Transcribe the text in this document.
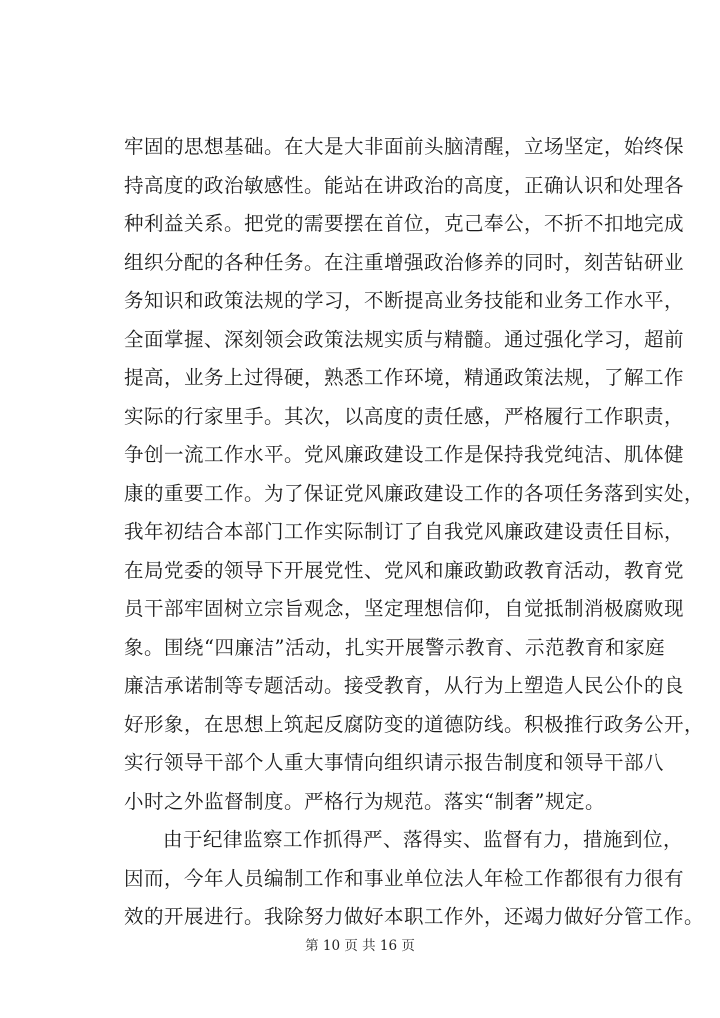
牢固的思想基础。在大是大非面前头脑清醒，立场坚定，始终保
持高度的政治敏感性。能站在讲政治的高度，正确认识和处理各
种利益关系。把党的需要摆在首位，克己奉公，不折不扣地完成
组织分配的各种任务。在注重增强政治修养的同时，刻苦钻研业
务知识和政策法规的学习，不断提高业务技能和业务工作水平，
全面掌握、深刻领会政策法规实质与精髓。通过强化学习，超前
提高，业务上过得硬，熟悉工作环境，精通政策法规，了解工作
实际的行家里手。其次，以高度的责任感，严格履行工作职责，
争创一流工作水平。党风廉政建设工作是保持我党纯洁、肌体健
康的重要工作。为了保证党风廉政建设工作的各项任务落到实处，
我年初结合本部门工作实际制订了自我党风廉政建设责任目标，
在局党委的领导下开展党性、党风和廉政勤政教育活动，教育党
员干部牢固树立宗旨观念，坚定理想信仰，自觉抵制消极腐败现
象。围绕“四廉洁”活动，扎实开展警示教育、示范教育和家庭
廉洁承诺制等专题活动。接受教育，从行为上塑造人民公仆的良
好形象，在思想上筑起反腐防变的道德防线。积极推行政务公开，
实行领导干部个人重大事情向组织请示报告制度和领导干部八
小时之外监督制度。严格行为规范。落实“制奢”规定。
由于纪律监察工作抓得严、落得实、监督有力，措施到位，
因而，今年人员编制工作和事业单位法人年检工作都很有力很有
效的开展进行。我除努力做好本职工作外，还竭力做好分管工作。
第 10 页 共 16 页
